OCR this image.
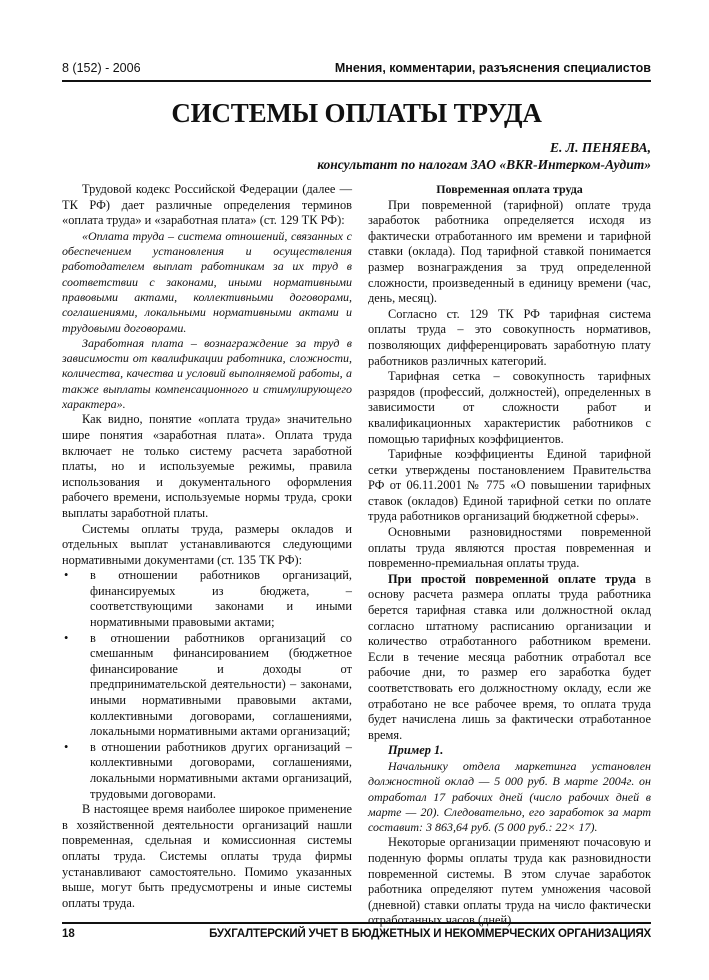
8 (152) - 2006	Мнения, комментарии, разъяснения специалистов
СИСТЕМЫ ОПЛАТЫ ТРУДА
Е. Л. ПЕНЯЕВА,
консультант по налогам ЗАО «BKR-Интерком-Аудит»

Трудовой кодекс Российской Федерации (далее — ТК РФ) дает различные определения терминов «оплата труда» и «заработная плата» (ст. 129 ТК РФ):

«Оплата труда – система отношений, связанных с обеспечением установления и осуществления работодателем выплат работникам за их труд в соответствии с законами, иными нормативными правовыми актами, коллективными договорами, соглашениями, локальными нормативными актами и трудовыми договорами.

Заработная плата – вознаграждение за труд в зависимости от квалификации работника, сложности, количества, качества и условий выполняемой работы, а также выплаты компенсационного и стимулирующего характера».

Как видно, понятие «оплата труда» значительно шире понятия «заработная плата». Оплата труда включает не только систему расчета заработной платы, но и используемые режимы, правила использования и документального оформления рабочего времени, используемые нормы труда, сроки выплаты заработной платы.

Системы оплаты труда, размеры окладов и отдельных выплат устанавливаются следующими нормативными документами (ст. 135 ТК РФ):

• в отношении работников организаций, финансируемых из бюджета, – соответствующими законами и иными нормативными правовыми актами;
• в отношении работников организаций со смешанным финансированием (бюджетное финансирование и доходы от предпринимательской деятельности) – законами, иными нормативными правовыми актами, коллективными договорами, соглашениями, локальными нормативными актами организаций;
• в отношении работников других организаций – коллективными договорами, соглашениями, локальными нормативными актами организаций, трудовыми договорами.

В настоящее время наиболее широкое применение в хозяйственной деятельности организаций нашли повременная, сдельная и комиссионная системы оплаты труда. Системы оплаты труда фирмы устанавливают самостоятельно. Помимо указанных выше, могут быть предусмотрены и иные системы оплаты труда.

Повременная оплата труда

При повременной (тарифной) оплате труда заработок работника определяется исходя из фактически отработанного им времени и тарифной ставки (оклада). Под тарифной ставкой понимается размер вознаграждения за труд определенной сложности, произведенный в единицу времени (час, день, месяц).

Согласно ст. 129 ТК РФ тарифная система оплаты труда – это совокупность нормативов, позволяющих дифференцировать заработную плату работников различных категорий.

Тарифная сетка – совокупность тарифных разрядов (профессий, должностей), определенных в зависимости от сложности работ и квалификационных характеристик работников с помощью тарифных коэффициентов.

Тарифные коэффициенты Единой тарифной сетки утверждены постановлением Правительства РФ от 06.11.2001 № 775 «О повышении тарифных ставок (окладов) Единой тарифной сетки по оплате труда работников организаций бюджетной сферы».

Основными разновидностями повременной оплаты труда являются простая повременная и повременно-премиальная оплаты труда.

При простой повременной оплате труда в основу расчета размера оплаты труда работника берется тарифная ставка или должностной оклад согласно штатному расписанию организации и количество отработанного работником времени. Если в течение месяца работник отработал все рабочие дни, то размер его заработка будет соответствовать его должностному окладу, если же отработано не все рабочее время, то оплата труда будет начислена лишь за фактически отработанное время.

Пример 1.

Начальнику отдела маркетинга установлен должностной оклад — 5 000 руб. В марте 2004г. он отработал 17 рабочих дней (число рабочих дней в марте — 20). Следовательно, его заработок за март составит: 3 863,64 руб. (5 000 руб.: 22× 17).

Некоторые организации применяют почасовую и поденную формы оплаты труда как разновидности повременной системы. В этом случае заработок работника определяют путем умножения часовой (дневной) ставки оплаты труда на число фактически отработанных часов (дней).

18	БУХГАЛТЕРСКИЙ УЧЕТ В БЮДЖЕТНЫХ И НЕКОММЕРЧЕСКИХ ОРГАНИЗАЦИЯХ
